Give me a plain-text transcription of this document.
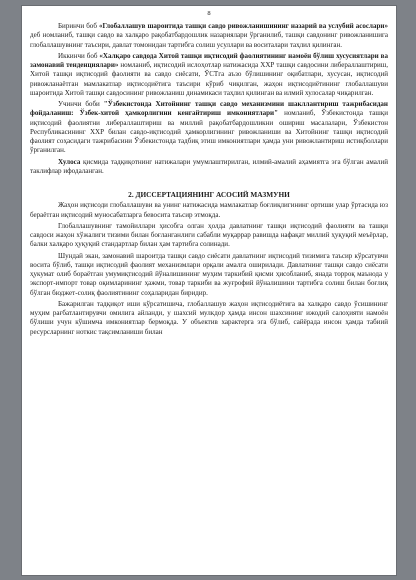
8

Биринчи боб «Глобаллашув шароитида ташқи савдо ривожланишининг назарий ва услубий асослари» деб номланиб, ташқи савдо ва халқаро рақобатбардошлик назариялари ўрганилиб, ташқи савдонинг ривожланишига глобаллашувнинг таъсири, давлат томонидан тартибга солиш усуллари ва воситалари таҳлил қилинган.

Иккинчи боб «Халқаро савдода Хитой ташқи иқтисодий фаолиятининг намоён бўлиш хусусиятлари ва замонавий тенденциялари» номланиб, иқтисодий ислоҳотлар натижасида ХХР ташқи савдосини либераллаштириш, Хитой ташқи иқтисодий фаолияти ва савдо сиёсати, ЎСТга аъзо бўлишининг оқибатлари, хусусан, иқтисодий ривожланаётган мамлакатлар иқтисодиётига таъсири кўриб чиқилган, жаҳон иқтисодиётининг глобаллашуви шароитида Хитой ташқи савдосининг ривожланиш динамикаси таҳлил қилинган ва илмий хулосалар чиқарилган.

Учинчи боби "Ўзбекистонда Хитойнинг ташқи савдо механизмини шакллантириш тажрибасидан фойдаланиш: Ўзбек-хитой ҳамкорлигини кенгайтириш имкониятлари" номланиб, Ўзбекистонда ташқи иқтисодий фаолиятни либераллаштириш ва миллий рақобатбардошликни ошириш масалалари, Ўзбекистон Республикасининг ХХР билан савдо-иқтисодий ҳамкорлигининг ривожланиши ва Хитойнинг ташқи иқтисодий фаолият соҳасидаги тажрибасини Ўзбекистонда тадбиқ этиш имкониятлари ҳамда уни ривожлантириш истиқболлари ўрганилган.

Хулоса қисмида тадқиқотнинг натижалари умумлаштирилган, илмий-амалий аҳамиятга эга бўлган амалий таклифлар ифодаланган.

2. ДИССЕРТАЦИЯНИНГ АСОСИЙ МАЗМУНИ

Жаҳон иқтисоди глобаллашуви ва унинг натижасида мамлакатлар боғлиқлигининг ортиши улар ўртасида юз бераётган иқтисодий муносабатларга бевосита таъсир этмоқда.

Глобаллашувнинг тамойиллари ҳисобга олган ҳолда давлатнинг ташқи иқтисодий фаолияти ва ташқи савдоси жаҳон хўжалиги тизими билан боғланганлиги сабабли муқаррар равишда нафақат миллий ҳуқуқий меъёрлар, балки халқаро ҳуқуқий стандартлар билан ҳам тартибга солинади.

Шундай экан, замонавий шароитда ташқи савдо сиёсати давлатнинг иқтисодий тизимига таъсир кўрсатувчи восита бўлиб, ташқи иқтисодий фаолият механизмлари орқали амалга оширилади. Давлатнинг ташқи савдо сиёсати ҳукумат олиб бораётган умумиқтисодий йўналишининг муҳим таркибий қисми ҳисобланиб, янада торроқ маънода у экспорт-импорт товар оқимларининг ҳажми, товар таркиби ва жуғрофий йўналишини тартибга солиш билан боғлиқ бўлган бюджет-солиқ фаолиятининг соҳаларидан биридир.

Бажарилган тадқиқот иши кўрсатишича, глобаллашув жаҳон иқтисодиётига ва халқаро савдо ўсишининг муҳим рағбатлантирувчи омилига айланди, у шахсий мулкдор ҳамда инсон шахсининг ижодий салоҳияти намоён бўлиши учун кўшимча имкониятлар бермоқда. У объектив характерга эга бўлиб, сайёрада инсон ҳамда табиий ресурсларнинг ноткис тақсимланиши билан
